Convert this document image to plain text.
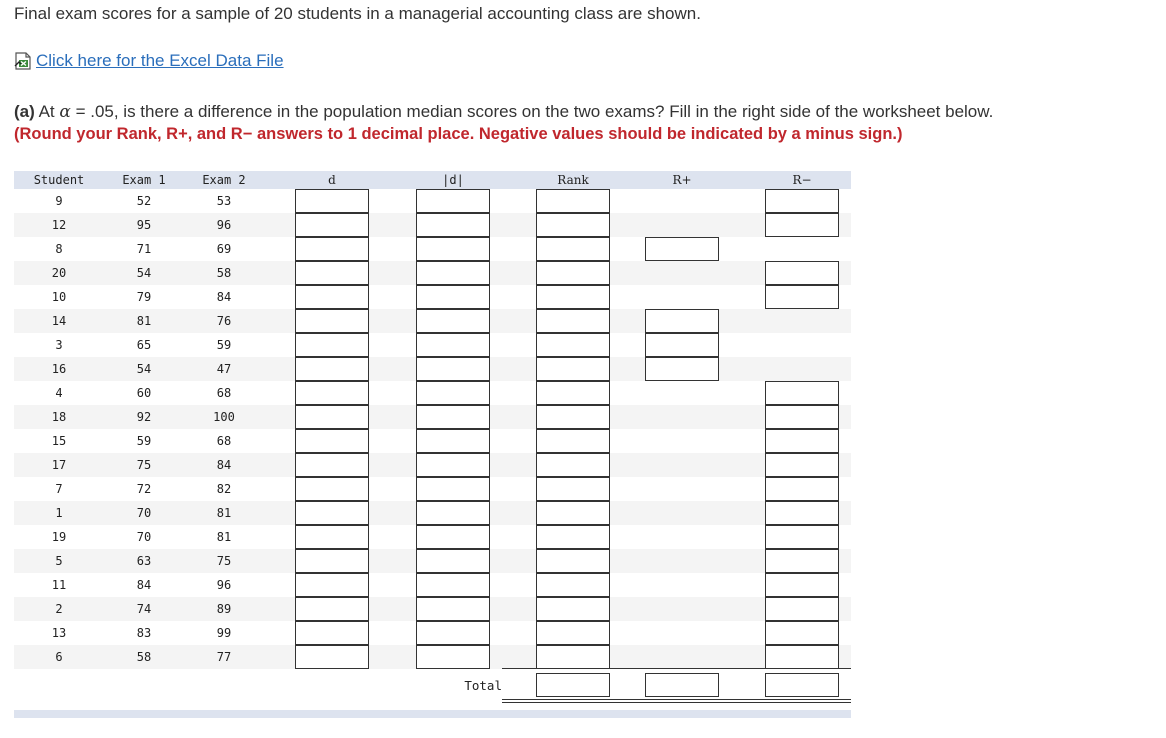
Final exam scores for a sample of 20 students in a managerial accounting class are shown.
Click here for the Excel Data File
(a) At α = .05, is there a difference in the population median scores on the two exams? Fill in the right side of the worksheet below.
(Round your Rank, R+, and R− answers to 1 decimal place. Negative values should be indicated by a minus sign.)
Student	Exam 1	Exam 2	d	|d|	Rank	R+	R−
9	52	53
12	95	96
8	71	69
20	54	58
10	79	84
14	81	76
3	65	59
16	54	47
4	60	68
18	92	100
15	59	68
17	75	84
7	72	82
1	70	81
19	70	81
5	63	75
11	84	96
2	74	89
13	83	99
6	58	77
Total
